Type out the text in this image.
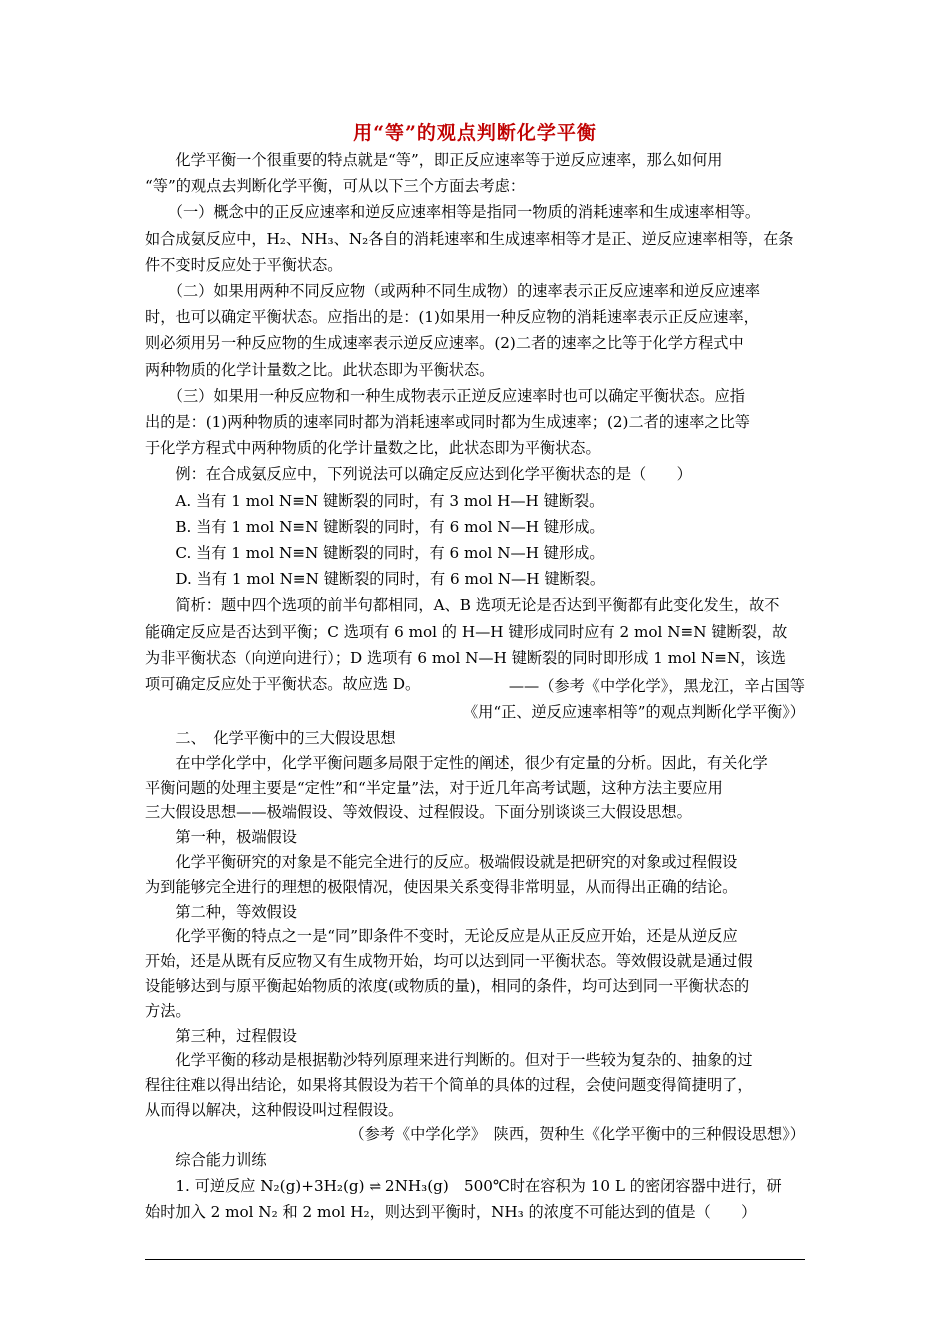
用“等”的观点判断化学平衡
　　化学平衡一个很重要的特点就是“等”，即正反应速率等于逆反应速率，那么如何用
“等”的观点去判断化学平衡，可从以下三个方面去考虑：
　　（一）概念中的正反应速率和逆反应速率相等是指同一物质的消耗速率和生成速率相等。
如合成氨反应中，H₂、NH₃、N₂各自的消耗速率和生成速率相等才是正、逆反应速率相等，在条
件不变时反应处于平衡状态。
　　（二）如果用两种不同反应物（或两种不同生成物）的速率表示正反应速率和逆反应速率
时，也可以确定平衡状态。应指出的是：(1)如果用一种反应物的消耗速率表示正反应速率，
则必须用另一种反应物的生成速率表示逆反应速率。(2)二者的速率之比等于化学方程式中
两种物质的化学计量数之比。此状态即为平衡状态。
　　（三）如果用一种反应物和一种生成物表示正逆反应速率时也可以确定平衡状态。应指
出的是：(1)两种物质的速率同时都为消耗速率或同时都为生成速率；(2)二者的速率之比等
于化学方程式中两种物质的化学计量数之比，此状态即为平衡状态。
　　例：在合成氨反应中，下列说法可以确定反应达到化学平衡状态的是（　　）
　　A. 当有 1 mol N≡N 键断裂的同时，有 3 mol H—H 键断裂。
　　B. 当有 1 mol N≡N 键断裂的同时，有 6 mol N—H 键形成。
　　C. 当有 1 mol N≡N 键断裂的同时，有 6 mol N—H 键形成。
　　D. 当有 1 mol N≡N 键断裂的同时，有 6 mol N—H 键断裂。
　　简析：题中四个选项的前半句都相同，A、B 选项无论是否达到平衡都有此变化发生，故不
能确定反应是否达到平衡；C 选项有 6 mol 的 H—H 键形成同时应有 2 mol N≡N 键断裂，故
为非平衡状态（向逆向进行）；D 选项有 6 mol N—H 键断裂的同时即形成 1 mol N≡N，该选
项可确定反应处于平衡状态。故应选 D。	——（参考《中学化学》，黑龙江，辛占国等
《用“正、逆反应速率相等”的观点判断化学平衡》）
　　二、　化学平衡中的三大假设思想
　　在中学化学中，化学平衡问题多局限于定性的阐述，很少有定量的分析。因此，有关化学
平衡问题的处理主要是“定性”和“半定量”法，对于近几年高考试题，这种方法主要应用
三大假设思想——极端假设、等效假设、过程假设。下面分别谈谈三大假设思想。
　　第一种，极端假设
　　化学平衡研究的对象是不能完全进行的反应。极端假设就是把研究的对象或过程假设
为到能够完全进行的理想的极限情况，使因果关系变得非常明显，从而得出正确的结论。
　　第二种，等效假设
　　化学平衡的特点之一是“同”即条件不变时，无论反应是从正反应开始，还是从逆反应
开始，还是从既有反应物又有生成物开始，均可以达到同一平衡状态。等效假设就是通过假
设能够达到与原平衡起始物质的浓度(或物质的量)，相同的条件，均可达到同一平衡状态的
方法。
　　第三种，过程假设
　　化学平衡的移动是根据勒沙特列原理来进行判断的。但对于一些较为复杂的、抽象的过
程往往难以得出结论，如果将其假设为若干个简单的具体的过程，会使问题变得简捷明了，
从而得以解决，这种假设叫过程假设。
（参考《中学化学》　陕西，贺种生《化学平衡中的三种假设思想》）
　　综合能力训练
　　1. 可逆反应 N₂(g)+3H₂(g) ⇌ 2NH₃(g)　500℃时在容积为 10 L 的密闭容器中进行，研
始时加入 2 mol N₂ 和 2 mol H₂，则达到平衡时，NH₃ 的浓度不可能达到的值是（　　）
